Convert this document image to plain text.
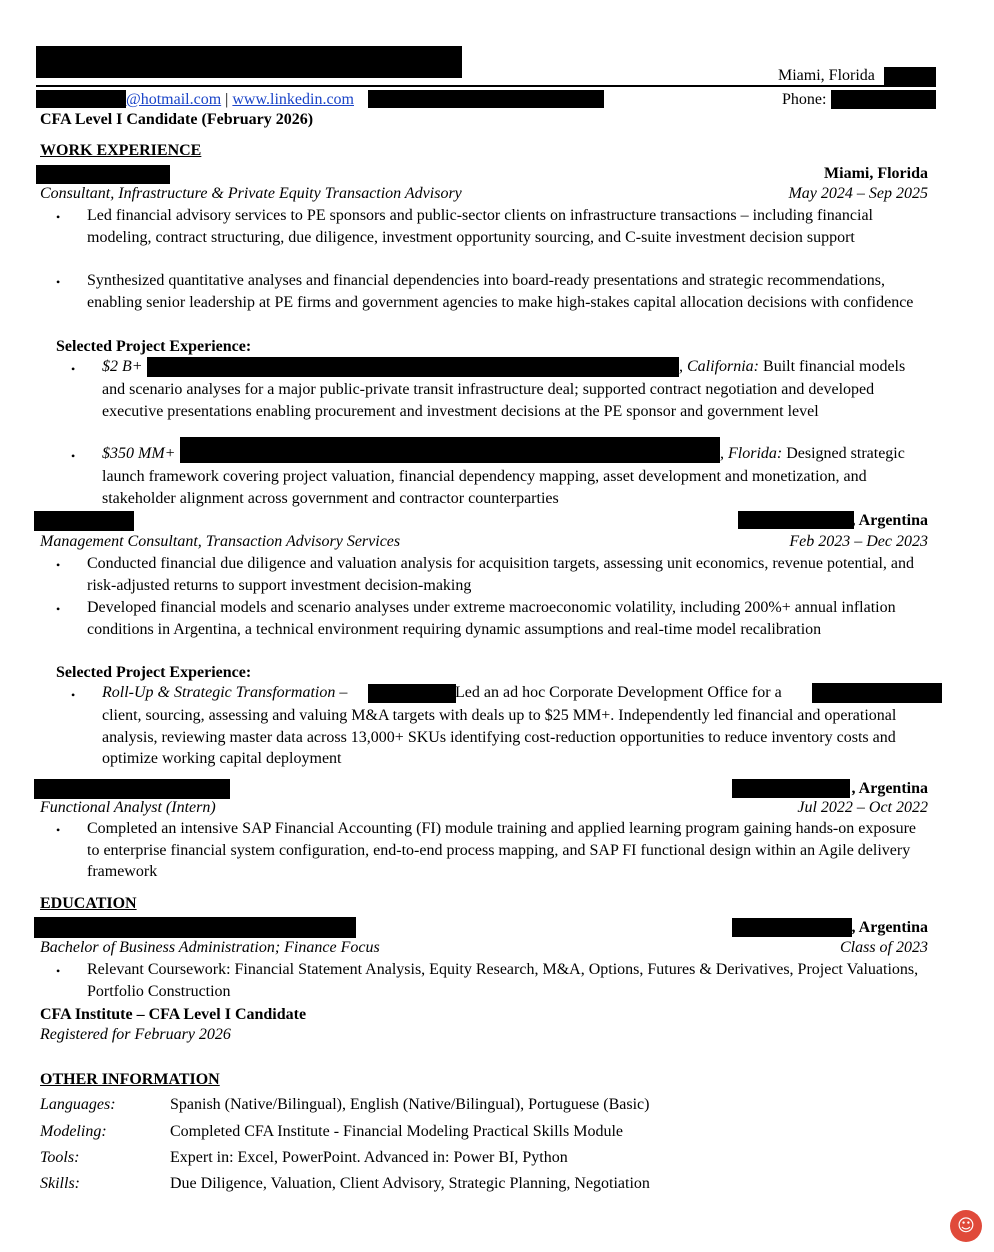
Miami, Florida
@hotmail.com | www.linkedin.com	Phone:
CFA Level I Candidate (February 2026)
WORK EXPERIENCE
Miami, Florida
Consultant, Infrastructure & Private Equity Transaction Advisory	May 2024 – Sep 2025
• Led financial advisory services to PE sponsors and public-sector clients on infrastructure transactions – including financial modeling, contract structuring, due diligence, investment opportunity sourcing, and C-suite investment decision support
• Synthesized quantitative analyses and financial dependencies into board-ready presentations and strategic recommendations, enabling senior leadership at PE firms and government agencies to make high-stakes capital allocation decisions with confidence
Selected Project Experience:
• $2 B+	, California: Built financial models
and scenario analyses for a major public-private transit infrastructure deal; supported contract negotiation and developed executive presentations enabling procurement and investment decisions at the PE sponsor and government level
• $350 MM+	, Florida: Designed strategic
launch framework covering project valuation, financial dependency mapping, asset development and monetization, and stakeholder alignment across government and contractor counterparties
, Argentina
Management Consultant, Transaction Advisory Services	Feb 2023 – Dec 2023
• Conducted financial due diligence and valuation analysis for acquisition targets, assessing unit economics, revenue potential, and risk-adjusted returns to support investment decision-making
• Developed financial models and scenario analyses under extreme macroeconomic volatility, including 200%+ annual inflation conditions in Argentina, a technical environment requiring dynamic assumptions and real-time model recalibration
Selected Project Experience:
• Roll-Up & Strategic Transformation –	Led an ad hoc Corporate Development Office for a
client, sourcing, assessing and valuing M&A targets with deals up to $25 MM+. Independently led financial and operational analysis, reviewing master data across 13,000+ SKUs identifying cost-reduction opportunities to reduce inventory costs and optimize working capital deployment
, Argentina
Functional Analyst (Intern)	Jul 2022 – Oct 2022
• Completed an intensive SAP Financial Accounting (FI) module training and applied learning program gaining hands-on exposure to enterprise financial system configuration, end-to-end process mapping, and SAP FI functional design within an Agile delivery framework
EDUCATION
, Argentina
Bachelor of Business Administration; Finance Focus	Class of 2023
• Relevant Coursework: Financial Statement Analysis, Equity Research, M&A, Options, Futures & Derivatives, Project Valuations, Portfolio Construction
CFA Institute – CFA Level I Candidate
Registered for February 2026
OTHER INFORMATION
Languages:	Spanish (Native/Bilingual), English (Native/Bilingual), Portuguese (Basic)
Modeling:	Completed CFA Institute - Financial Modeling Practical Skills Module
Tools:	Expert in: Excel, PowerPoint. Advanced in: Power BI, Python
Skills:	Due Diligence, Valuation, Client Advisory, Strategic Planning, Negotiation
☺
